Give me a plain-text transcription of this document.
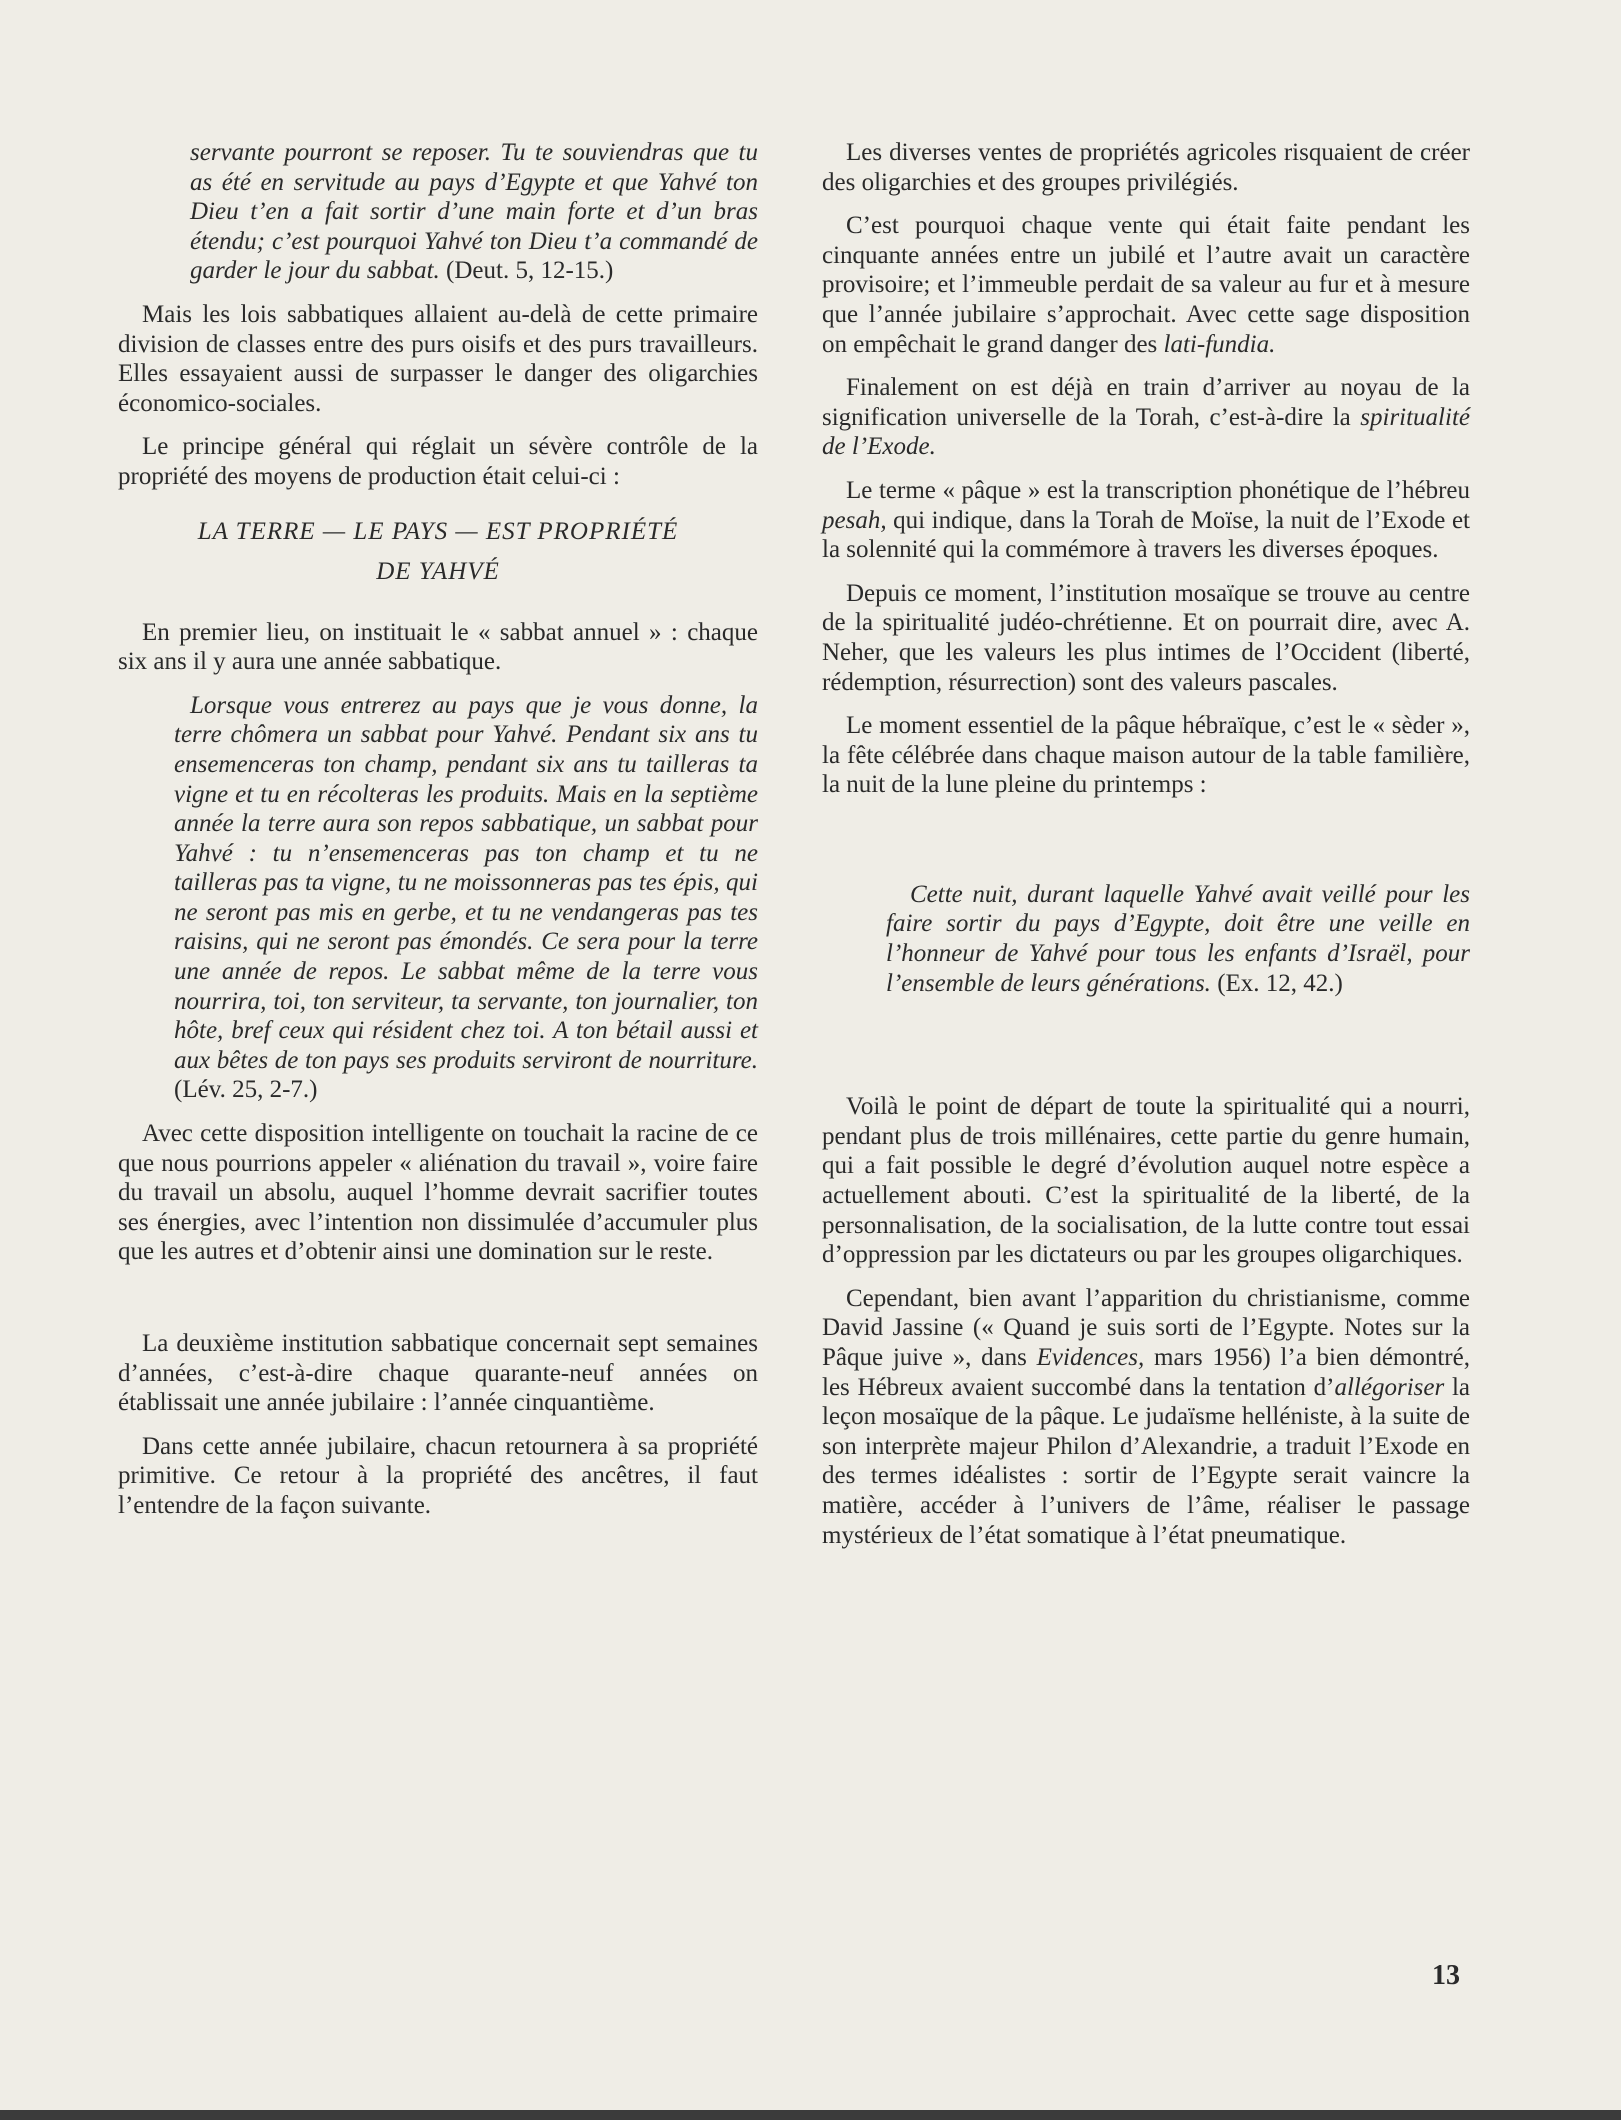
servante pourront se reposer. Tu te souviendras que tu as été en servitude au pays d’Egypte et que Yahvé ton Dieu t’en a fait sortir d’une main forte et d’un bras étendu; c’est pourquoi Yahvé ton Dieu t’a commandé de garder le jour du sabbat. (Deut. 5, 12-15.)

Mais les lois sabbatiques allaient au-delà de cette primaire division de classes entre des purs oisifs et des purs travailleurs. Elles essayaient aussi de surpasser le danger des oligarchies économico-sociales.

Le principe général qui réglait un sévère contrôle de la propriété des moyens de production était celui-ci :

LA TERRE — LE PAYS — EST PROPRIÉTÉ
DE YAHVÉ

En premier lieu, on instituait le « sabbat annuel » : chaque six ans il y aura une année sabbatique.

Lorsque vous entrerez au pays que je vous donne, la terre chômera un sabbat pour Yahvé. Pendant six ans tu ensemenceras ton champ, pendant six ans tu tailleras ta vigne et tu en récolteras les produits. Mais en la septième année la terre aura son repos sabbatique, un sabbat pour Yahvé : tu n’ensemenceras pas ton champ et tu ne tailleras pas ta vigne, tu ne moissonneras pas tes épis, qui ne seront pas mis en gerbe, et tu ne vendangeras pas tes raisins, qui ne seront pas émondés. Ce sera pour la terre une année de repos. Le sabbat même de la terre vous nourrira, toi, ton serviteur, ta servante, ton journalier, ton hôte, bref ceux qui résident chez toi. A ton bétail aussi et aux bêtes de ton pays ses produits serviront de nourriture. (Lév. 25, 2-7.)

Avec cette disposition intelligente on touchait la racine de ce que nous pourrions appeler « aliénation du travail », voire faire du travail un absolu, auquel l’homme devrait sacrifier toutes ses énergies, avec l’intention non dissimulée d’accumuler plus que les autres et d’obtenir ainsi une domination sur le reste.

La deuxième institution sabbatique concernait sept semaines d’années, c’est-à-dire chaque quarante-neuf années on établissait une année jubilaire : l’année cinquantième.

Dans cette année jubilaire, chacun retournera à sa propriété primitive. Ce retour à la propriété des ancêtres, il faut l’entendre de la façon suivante.

Les diverses ventes de propriétés agricoles risquaient de créer des oligarchies et des groupes privilégiés.

C’est pourquoi chaque vente qui était faite pendant les cinquante années entre un jubilé et l’autre avait un caractère provisoire; et l’immeuble perdait de sa valeur au fur et à mesure que l’année jubilaire s’approchait. Avec cette sage disposition on empêchait le grand danger des lati-fundia.

Finalement on est déjà en train d’arriver au noyau de la signification universelle de la Torah, c’est-à-dire la spiritualité de l’Exode.

Le terme « pâque » est la transcription phonétique de l’hébreu pesah, qui indique, dans la Torah de Moïse, la nuit de l’Exode et la solennité qui la commémore à travers les diverses époques.

Depuis ce moment, l’institution mosaïque se trouve au centre de la spiritualité judéo-chrétienne. Et on pourrait dire, avec A. Neher, que les valeurs les plus intimes de l’Occident (liberté, rédemption, résurrection) sont des valeurs pascales.

Le moment essentiel de la pâque hébraïque, c’est le « sèder », la fête célébrée dans chaque maison autour de la table familière, la nuit de la lune pleine du printemps :

Cette nuit, durant laquelle Yahvé avait veillé pour les faire sortir du pays d’Egypte, doit être une veille en l’honneur de Yahvé pour tous les enfants d’Israël, pour l’ensemble de leurs générations. (Ex. 12, 42.)

Voilà le point de départ de toute la spiritualité qui a nourri, pendant plus de trois millénaires, cette partie du genre humain, qui a fait possible le degré d’évolution auquel notre espèce a actuellement abouti. C’est la spiritualité de la liberté, de la personnalisation, de la socialisation, de la lutte contre tout essai d’oppression par les dictateurs ou par les groupes oligarchiques.

Cependant, bien avant l’apparition du christianisme, comme David Jassine (« Quand je suis sorti de l’Egypte. Notes sur la Pâque juive », dans Evidences, mars 1956) l’a bien démontré, les Hébreux avaient succombé dans la tentation d’allégoriser la leçon mosaïque de la pâque. Le judaïsme helléniste, à la suite de son interprète majeur Philon d’Alexandrie, a traduit l’Exode en des termes idéalistes : sortir de l’Egypte serait vaincre la matière, accéder à l’univers de l’âme, réaliser le passage mystérieux de l’état somatique à l’état pneumatique.

13
